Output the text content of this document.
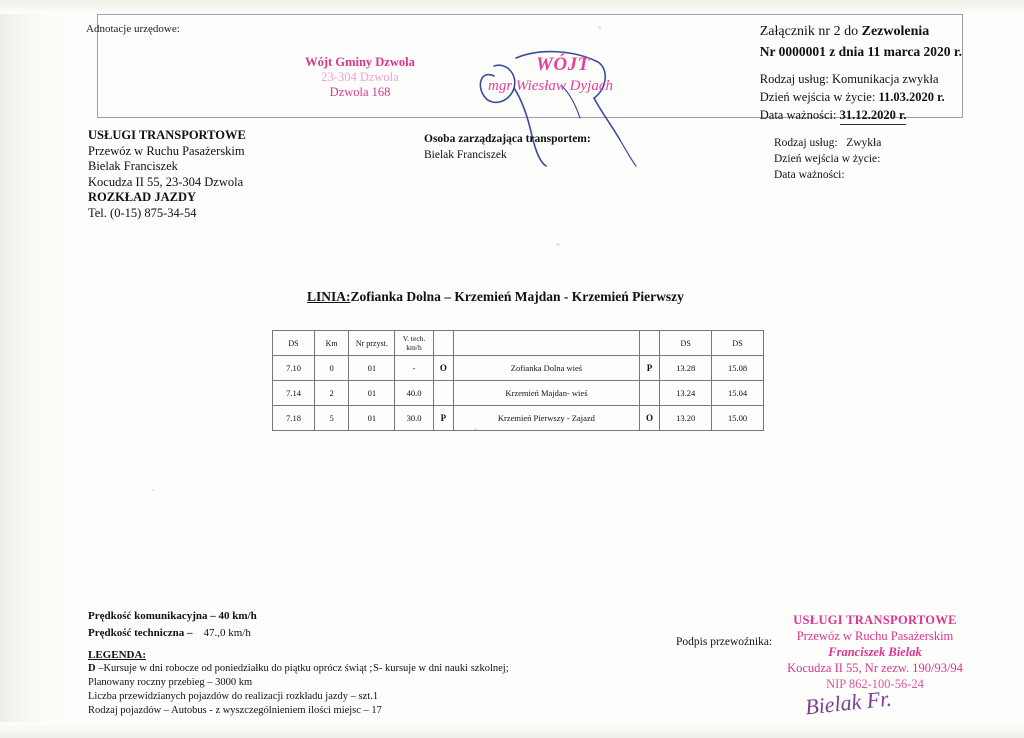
Adnotacje urzędowe:
Wójt Gminy Dzwola
23-304 Dzwola
Dzwola 168
WÓJT
mgr Wiesław Dyjach
Załącznik nr 2 do Zezwolenia
Nr 0000001 z dnia 11 marca 2020 r.
Rodzaj usług: Komunikacja zwykła
Dzień wejścia w życie: 11.03.2020 r.
Data ważności: 31.12.2020 r.
USŁUGI TRANSPORTOWE
Przewóz w Ruchu Pasażerskim
Bielak Franciszek
Kocudza II 55, 23-304 Dzwola
ROZKŁAD JAZDY
Tel. (0-15) 875-34-54
Osoba zarządzająca transportem:
Bielak Franciszek
Rodzaj usług:   Zwykła
Dzień wejścia w życie:
Data ważności:
LINIA:Zofianka Dolna – Krzemień Majdan - Krzemień Pierwszy
DS	Km	Nr przyst.	V. tech.
km/h				DS	DS
7.10	0	01	-	O	Zofianka Dolna wieś	P	13.28	15.08
7.14	2	01	40.0		Krzemień Majdan- wieś		13.24	15.04
7.18	5	01	30.0	P	Krzemień Pierwszy - Zajazd	O	13.20	15.00
Prędkość komunikacyjna – 40 km/h
Prędkość techniczna –    47.,0 km/h
LEGENDA:
D –Kursuje w dni robocze od poniedziałku do piątku oprócz świąt ; S- kursuje w dni nauki szkolnej;
Planowany roczny przebieg – 3000 km
Liczba przewidzianych pojazdów do realizacji rozkładu jazdy – szt.1
Rodzaj pojazdów – Autobus - z wyszczególnieniem ilości miejsc – 17
Podpis przewoźnika:
USŁUGI TRANSPORTOWE
Przewóz w Ruchu Pasażerskim
Franciszek Bielak
Kocudza II 55, Nr zezw. 190/93/94
NIP 862-100-56-24
Bielak Fr.
